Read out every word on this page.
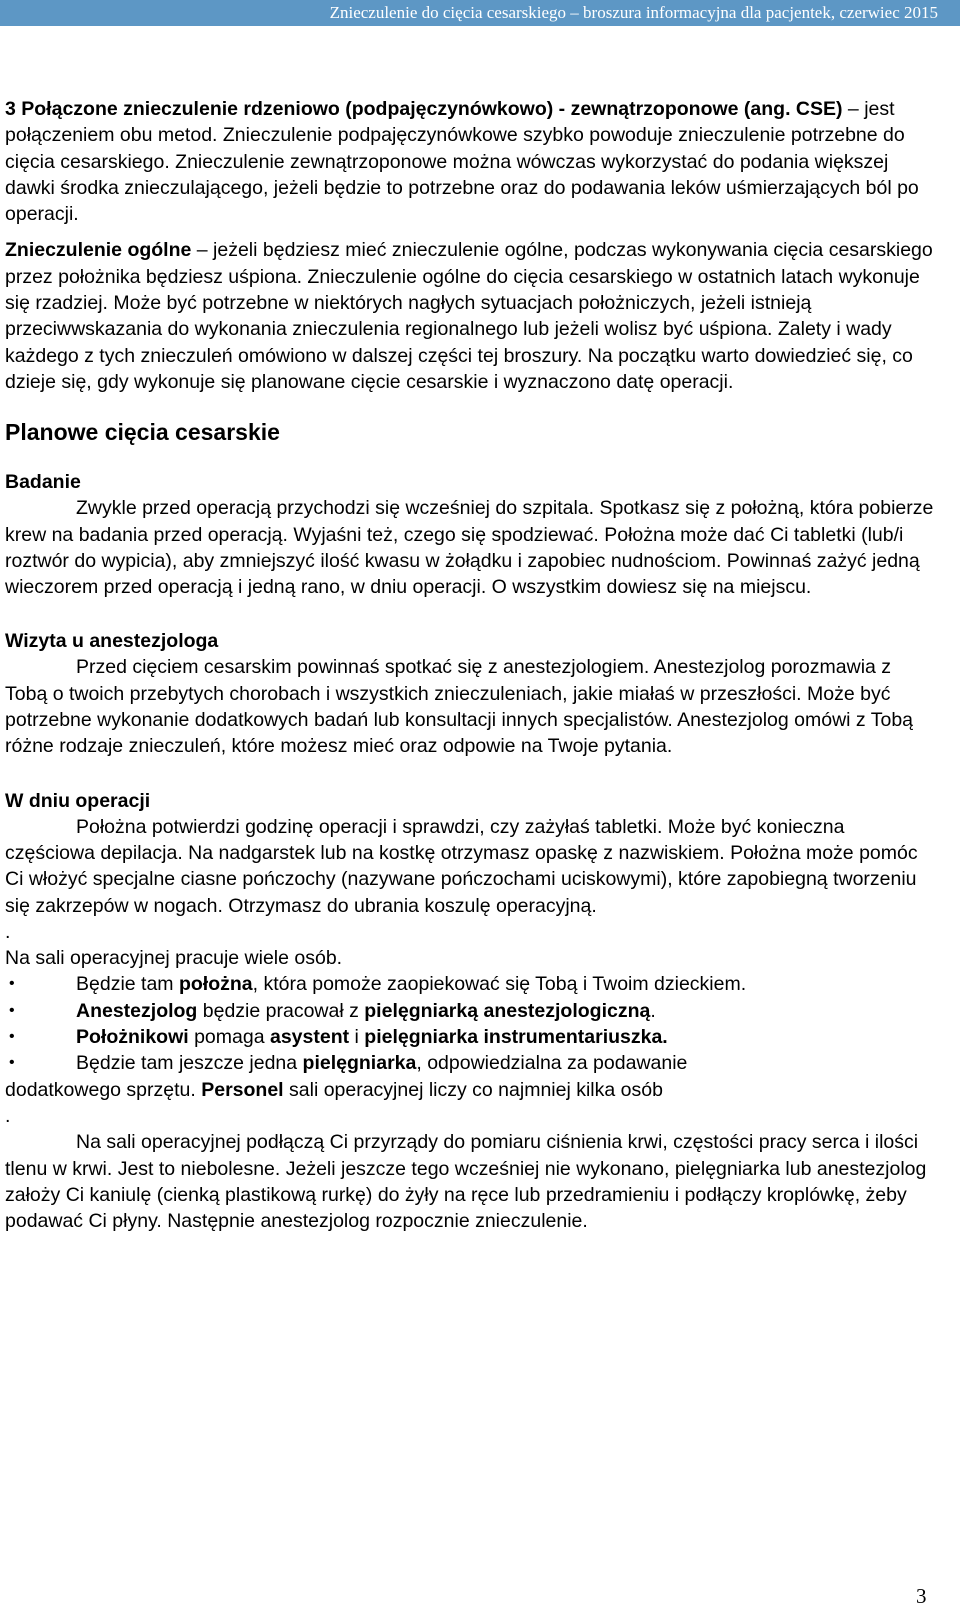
Znieczulenie do cięcia cesarskiego – broszura informacyjna dla pacjentek, czerwiec 2015

3 Połączone znieczulenie rdzeniowo (podpajęczynówkowo) - zewnątrzoponowe (ang. CSE) – jest połączeniem obu metod. Znieczulenie podpajęczynówkowe szybko powoduje znieczulenie potrzebne do cięcia cesarskiego. Znieczulenie zewnątrzoponowe można wówczas wykorzystać do podania większej dawki środka znieczulającego, jeżeli będzie to potrzebne oraz do podawania leków uśmierzających ból po operacji.

Znieczulenie ogólne – jeżeli będziesz mieć znieczulenie ogólne, podczas wykonywania cięcia cesarskiego przez położnika będziesz uśpiona. Znieczulenie ogólne do cięcia cesarskiego w ostatnich latach wykonuje się rzadziej. Może być potrzebne w niektórych nagłych sytuacjach położniczych, jeżeli istnieją przeciwwskazania do wykonania znieczulenia regionalnego lub jeżeli wolisz być uśpiona. Zalety i wady każdego z tych znieczuleń omówiono w dalszej części tej broszury. Na początku warto dowiedzieć się, co dzieje się, gdy wykonuje się planowane cięcie cesarskie i wyznaczono datę operacji.

Planowe cięcia cesarskie
Badanie

Zwykle przed operacją przychodzi się wcześniej do szpitala. Spotkasz się z położną, która pobierze krew na badania przed operacją. Wyjaśni też, czego się spodziewać. Położna może dać Ci tabletki (lub/i roztwór do wypicia), aby zmniejszyć ilość kwasu w żołądku i zapobiec nudnościom. Powinnaś zażyć jedną wieczorem przed operacją i jedną rano, w dniu operacji. O wszystkim dowiesz się na miejscu.

Wizyta u anestezjologa

Przed cięciem cesarskim powinnaś spotkać się z anestezjologiem. Anestezjolog porozmawia z Tobą o twoich przebytych chorobach i wszystkich znieczuleniach, jakie miałaś w przeszłości. Może być potrzebne wykonanie dodatkowych badań lub konsultacji innych specjalistów. Anestezjolog omówi z Tobą różne rodzaje znieczuleń, które możesz mieć oraz odpowie na Twoje pytania.

W dniu operacji

Położna potwierdzi godzinę operacji i sprawdzi, czy zażyłaś tabletki. Może być konieczna częściowa depilacja. Na nadgarstek lub na kostkę otrzymasz opaskę z nazwiskiem. Położna może pomóc Ci włożyć specjalne ciasne pończochy (nazywane pończochami uciskowymi), które zapobiegną tworzeniu się zakrzepów w nogach. Otrzymasz do ubrania koszulę operacyjną.

.

Na sali operacyjnej pracuje wiele osób.

•	Będzie tam położna, która pomoże zaopiekować się Tobą i Twoim dzieckiem.
•	Anestezjolog będzie pracował z pielęgniarką anestezjologiczną.
•	Położnikowi pomaga asystent i pielęgniarka instrumentariuszka.
•	Będzie tam jeszcze jedna pielęgniarka, odpowiedzialna za podawanie

dodatkowego sprzętu. Personel sali operacyjnej liczy co najmniej kilka osób

.

Na sali operacyjnej podłączą Ci przyrządy do pomiaru ciśnienia krwi, częstości pracy serca i ilości tlenu w krwi. Jest to niebolesne. Jeżeli jeszcze tego wcześniej nie wykonano, pielęgniarka lub anestezjolog założy Ci kaniulę (cienką plastikową rurkę) do żyły na ręce lub przedramieniu i podłączy kroplówkę, żeby podawać Ci płyny. Następnie anestezjolog rozpocznie znieczulenie.

3
